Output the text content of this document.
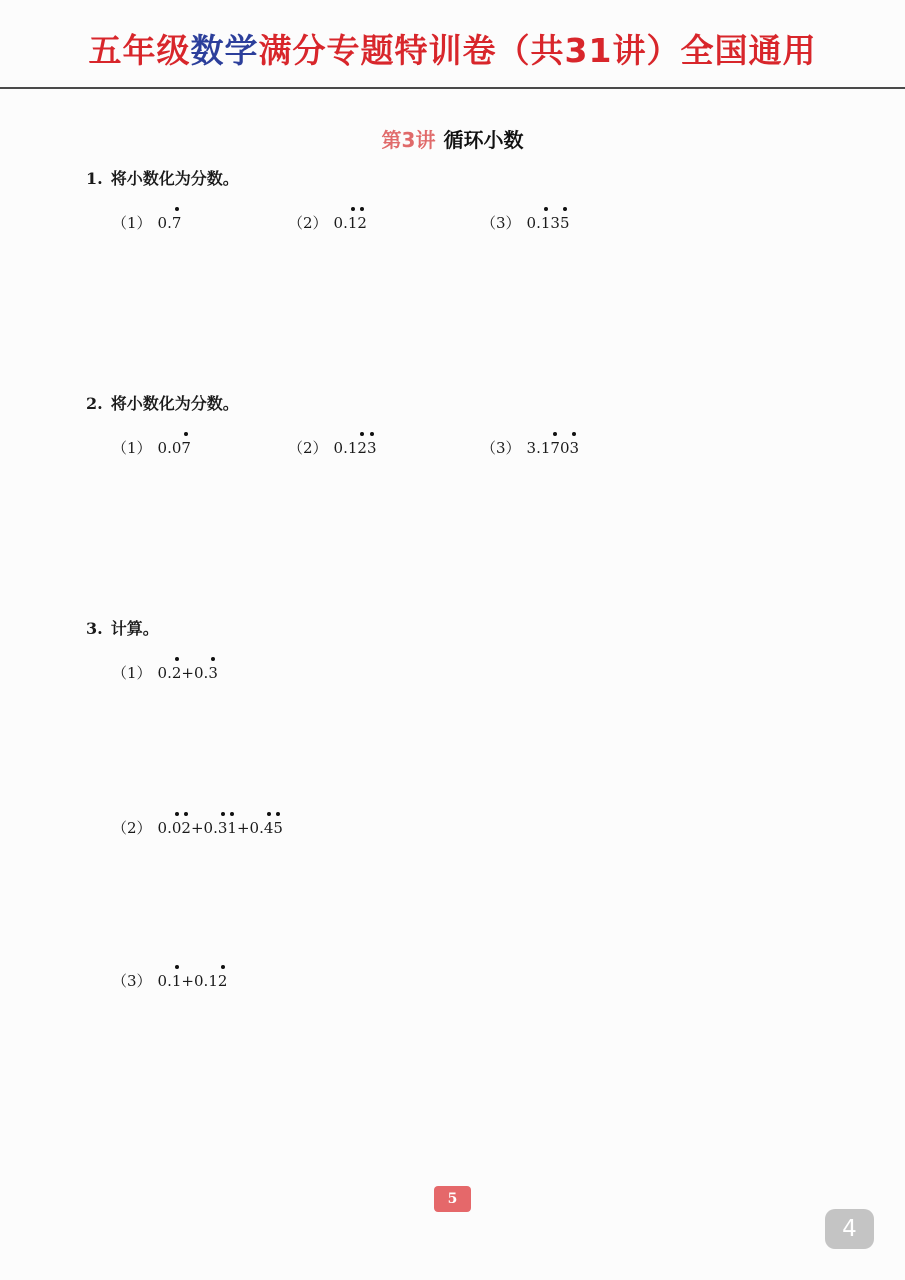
五年级数学满分专题特训卷（共31讲）全国通用
第3讲 循环小数
1. 将小数化为分数。
（1） 0.7	（2） 0.12	（3） 0.135
2. 将小数化为分数。
（1） 0.07	（2） 0.123	（3） 3.1703
3. 计算。
（1） 0.2+0.3
（2） 0.02+0.31+0.45
（3） 0.1+0.12
5
4
